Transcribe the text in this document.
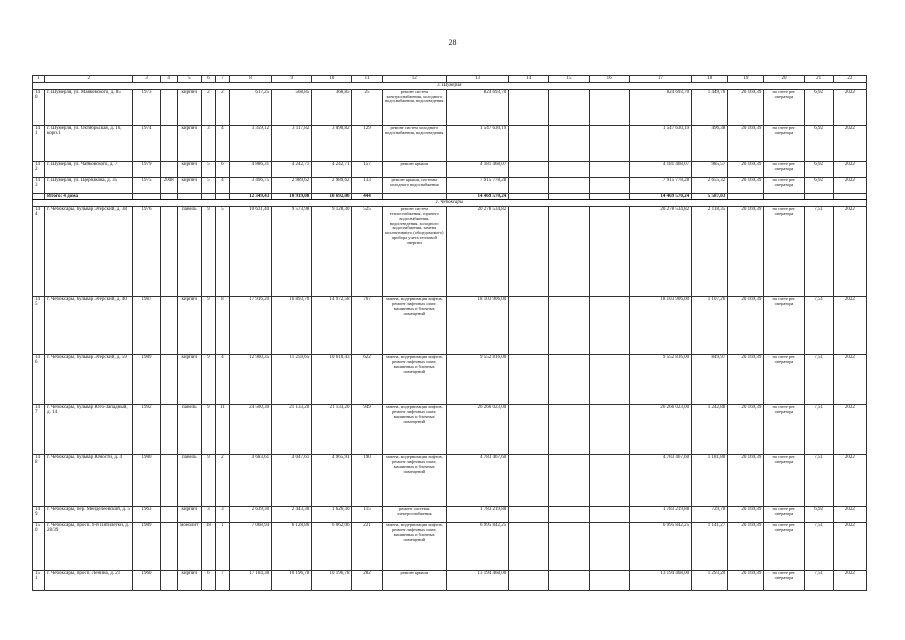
28
1	2	3	4	5	6	7	8	9	10	11	12	13	14	15	16	17	18	19	20	21	22
г. Шумерля																					
140	г. Шумерля, ул. Маяковского, д. 85	1973		кирпич	2	2	617,25	568,85	368,85	25	ремонт систем электроснабжения, холодного водоснабжения, водоотведения	824 693,70				824 693,70	1 449,76	20 169,39	на счете рег. оператора	6,92	2022
141	г. Шумерля, ул. Октябрьская, д. 16, корп.1	1974		кирпич	3	4	3 359,12	3 117,82	3 090,82	129	ремонт систем холодного водоснабжения, водоотведения	1 547 630,19				1 547 630,19	496,38	20 169,39	на счете рег. оператора	6,92	2022
142	г. Шумерля, ул. Чайковского, д. 7	1979		кирпич	5	6	4 886,31	4 242,71	4 242,71	157	ремонт крыши	4 181 468,07				4 181 468,07	985,57	20 169,39	на счете рег. оператора	6,92	2022
143	г. Шумерля, ул. Щербакова, д. 35	1975	2008	кирпич	5	4	3 496,75	2 989,62	2 989,62	133	ремонт крыши, системы холодного водоснабжения	7 915 778,28				7 915 778,28	2 655,32	20 169,39	на счете рег. оператора	6,92	2022
	Итого: 4 дома						12 349,43	10 919,00	10 692,00	444		14 469 570,24				14 469 570,24	5 587,03				
г. Чебоксары																					
144	г. Чебоксары, бульвар Эгерский, д. 38	1976		панель	9	5	10 631,40	9 573,98	9 128,30	525	ремонт систем теплоснабжения, горячего водоснабжения, водоотведения, холодного водоснабжения, замена коллективного (общедомового) прибора учета тепловой энергии	20 278 534,82				20 278 534,82	2 118,35	20 169,39	на счете рег. оператора	7,51	2022
145	г. Чебоксары, бульвар Эгерский, д. 40	1987		кирпич	9	8	17 916,20	16 893,70	14 972,58	767	замена, модернизация лифтов, ремонт лифтовых шахт, машинных и блочных помещений	18 103 906,00				18 103 906,00	1 107,26	20 169,39	на счете рег. оператора	7,51	2022
146	г. Чебоксары, бульвар Эгерский, д. 59	1989		кирпич	9	4	12 900,35	11 259,65	10 610,43	622	замена, модернизация лифтов, ремонт лифтовых шахт, машинных и блочных помещений	9 552 816,00				9 552 816,00	849,97	20 169,39	на счете рег. оператора	7,51	2022
147	г. Чебоксары, бульвар Юго-Западный, д. 14	1992		панель	9	11	24 500,30	21 133,20	21 133,20	949	замена, модернизация лифтов, ремонт лифтовых шахт, машинных и блочных помещений	26 266 023,00				26 266 023,00	1 242,88	20 169,39	на счете рег. оператора	7,51	2022
148	г. Чебоксары, бульвар Юности, д. 4	1980		панель	9	2	4 683,61	4 047,61	4 965,91	190	замена, модернизация лифтов, ремонт лифтовых шахт, машинных и блочных помещений	4 783 467,60				4 783 467,60	1 181,80	20 169,39	на счете рег. оператора	7,51	2022
149	г. Чебоксары, пер. Менделеевский, д. 5	1963		кирпич	3	3	2 639,30	2 443,30	1 626,30	115	ремонт системы электроснабжения	1 783 219,88				1 783 219,88	729,78	20 169,39	на счете рег. оператора	6,92	2022
150	г. Чебоксары, просп. 9-й Пятилетки, д. 28/39	1989		монолит	18	1	7 068,94	6 128,86	6 062,06	221	замена, модернизация лифтов, ремонт лифтовых шахт, машинных и блочных помещений	6 995 842,25				6 995 842,25	1 141,27	20 169,39	на счете рег. оператора	7,51	2022
151	г. Чебоксары, просп. Ленина, д. 21	1960		кирпич	6	7	17 184,38	10 196,78	10 196,78	282	ремонт крыши	13 194 468,00				13 194 468,00	1 293,20	20 169,39	на счете рег. оператора	7,51	2022
